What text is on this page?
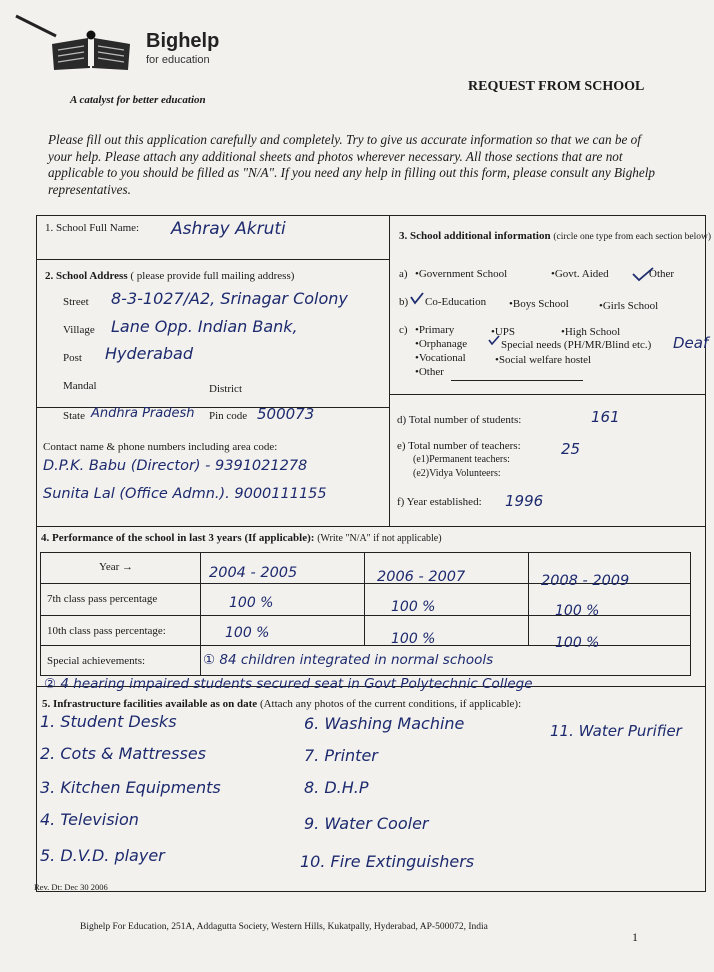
Bighelp
for education
A catalyst for better education
REQUEST FROM SCHOOL
Please fill out this application carefully and completely. Try to give us accurate information so that we can be of your help. Please attach any additional sheets and photos wherever necessary. All those sections that are not applicable to you should be filled as "N/A". If you need any help in filling out this form, please consult any Bighelp representatives.
1. School Full Name: Ashray Akruti
2. School Address ( please provide full mailing address)
Street 8-3-1027/A2, Srinagar Colony
Village Lane Opp. Indian Bank,
Post Hyderabad
Mandal	District
State Andhra Pradesh Pin code 500073
Contact name & phone numbers including area code:
D.P.K. Babu (Director) - 9391021278
Sunita Lal (Office Admn.). 9000111155
3. School additional information (circle one type from each section below)
a) •Government School	•Govt. Aided	Other
b) Co-Education •Boys School	•Girls School
c) •Primary	•UPS	•High School
•Orphanage	Special needs (PH/MR/Blind etc.) Deaf
•Vocational	•Social welfare hostel
•Other
d) Total number of students:	161
e) Total number of teachers:	25
(e1)Permanent teachers:
(e2)Vidya Volunteers:
f) Year established: 1996
4. Performance of the school in last 3 years (If applicable): (Write "N/A" if not applicable)
Year →	2004 - 2005	2006 - 2007	2008 - 2009
7th class pass percentage	100 %	100 %	100 %
10th class pass percentage:	100 %	100 %	100 %
Special achievements:	① 84 children integrated in normal schools
② 4 hearing impaired students secured seat in Govt Polytechnic College
5. Infrastructure facilities available as on date (Attach any photos of the current conditions, if applicable):
1. Student Desks
2. Cots & Mattresses
3. Kitchen Equipments
4. Television
5. D.V.D. player
6. Washing Machine
7. Printer
8. D.H.P
9. Water Cooler
10. Fire Extinguishers
11. Water Purifier
Rev. Dt: Dec 30 2006
Bighelp For Education, 251A, Addagutta Society, Western Hills, Kukatpally, Hyderabad, AP-500072, India
1
